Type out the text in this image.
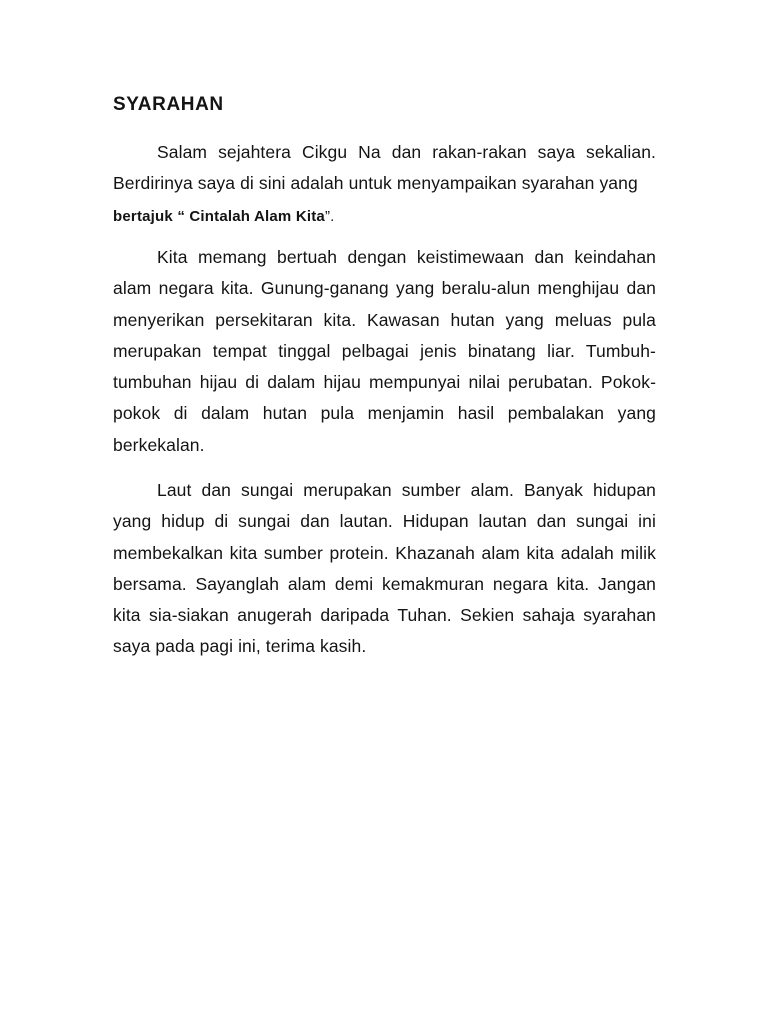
SYARAHAN

Salam sejahtera Cikgu Na dan rakan-rakan saya sekalian. Berdirinya saya di sini adalah untuk menyampaikan syarahan yang
bertajuk “ Cintalah Alam Kita”.

Kita memang bertuah dengan keistimewaan dan keindahan alam negara kita. Gunung-ganang yang beralu-alun menghijau dan menyerikan persekitaran kita. Kawasan hutan yang meluas pula merupakan tempat tinggal pelbagai jenis binatang liar. Tumbuh-tumbuhan hijau di dalam hijau mempunyai nilai perubatan. Pokok-pokok di dalam hutan pula menjamin hasil pembalakan yang berkekalan.

Laut dan sungai merupakan sumber alam. Banyak hidupan yang hidup di sungai dan lautan. Hidupan lautan dan sungai ini membekalkan kita sumber protein. Khazanah alam kita adalah milik bersama. Sayanglah alam demi kemakmuran negara kita. Jangan kita sia-siakan anugerah daripada Tuhan. Sekien sahaja syarahan saya pada pagi ini, terima kasih.
